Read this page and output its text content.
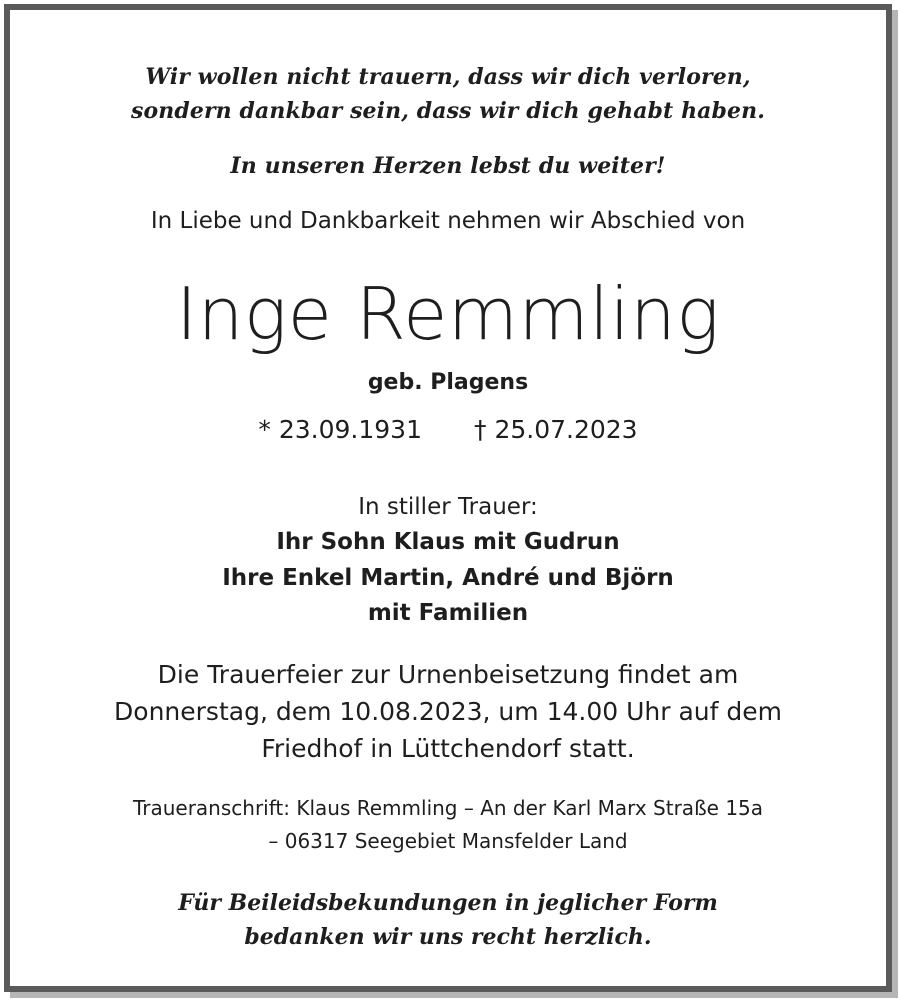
Wir wollen nicht trauern, dass wir dich verloren,
sondern dankbar sein, dass wir dich gehabt haben.
In unseren Herzen lebst du weiter!
In Liebe und Dankbarkeit nehmen wir Abschied von
Inge Remmling
geb. Plagens
* 23.09.1931 † 25.07.2023
In stiller Trauer:
Ihr Sohn Klaus mit Gudrun
Ihre Enkel Martin, André und Björn
mit Familien
Die Trauerfeier zur Urnenbeisetzung findet am
Donnerstag, dem 10.08.2023, um 14.00 Uhr auf dem
Friedhof in Lüttchendorf statt.
Traueranschrift: Klaus Remmling – An der Karl Marx Straße 15a
– 06317 Seegebiet Mansfelder Land
Für Beileidsbekundungen in jeglicher Form
bedanken wir uns recht herzlich.
